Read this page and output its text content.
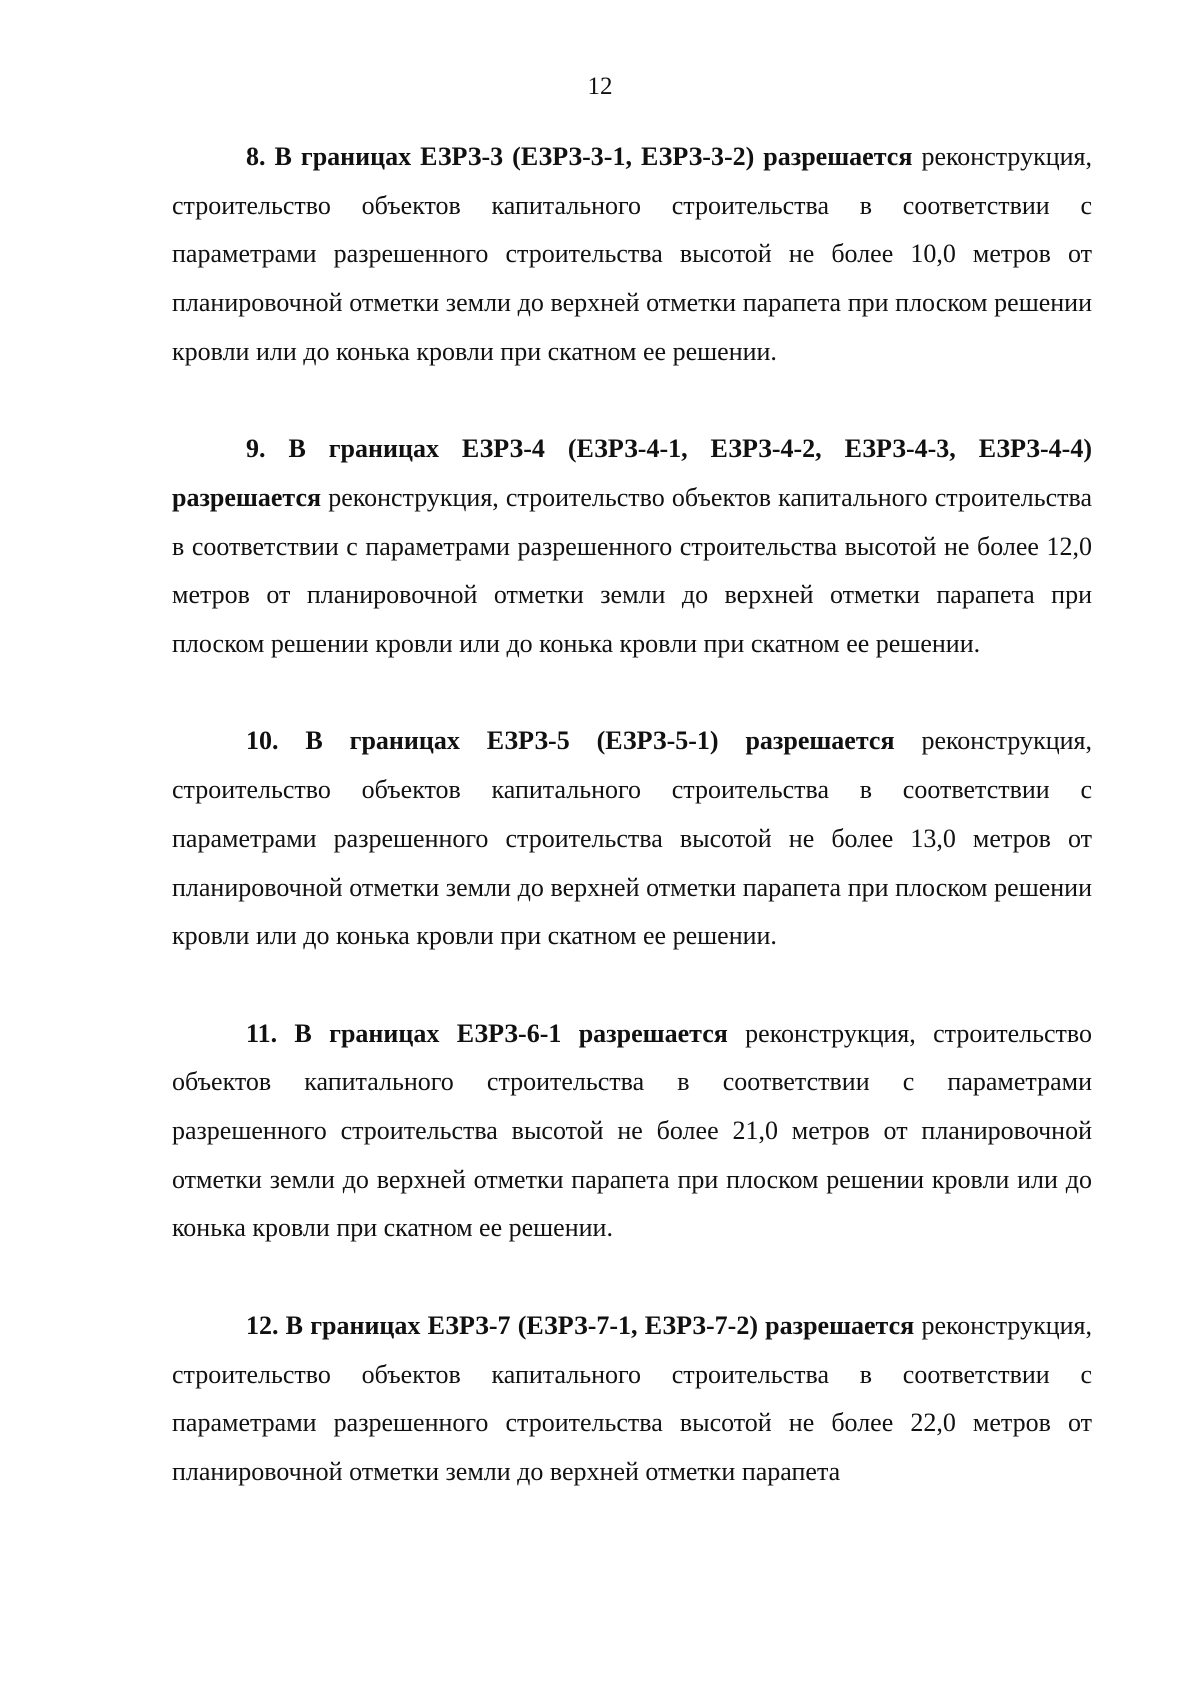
12

8. В границах ЕЗРЗ-3 (ЕЗРЗ-3-1, ЕЗРЗ-3-2) разрешается реконструкция, строительство объектов капитального строительства в соответствии с параметрами разрешенного строительства высотой не более 10,0 метров от планировочной отметки земли до верхней отметки парапета при плоском решении кровли или до конька кровли при скатном ее решении.

9. В границах ЕЗРЗ-4 (ЕЗРЗ-4-1, ЕЗРЗ-4-2, ЕЗРЗ-4-3, ЕЗРЗ-4-4) разрешается реконструкция, строительство объектов капитального строительства в соответствии с параметрами разрешенного строительства высотой не более 12,0 метров от планировочной отметки земли до верхней отметки парапета при плоском решении кровли или до конька кровли при скатном ее решении.

10. В границах ЕЗРЗ-5 (ЕЗРЗ-5-1) разрешается реконструкция, строительство объектов капитального строительства в соответствии с параметрами разрешенного строительства высотой не более 13,0 метров от планировочной отметки земли до верхней отметки парапета при плоском решении кровли или до конька кровли при скатном ее решении.

11. В границах ЕЗРЗ-6-1 разрешается реконструкция, строительство объектов капитального строительства в соответствии с параметрами разрешенного строительства высотой не более 21,0 метров от планировочной отметки земли до верхней отметки парапета при плоском решении кровли или до конька кровли при скатном ее решении.

12. В границах ЕЗРЗ-7 (ЕЗРЗ-7-1, ЕЗРЗ-7-2) разрешается реконструкция, строительство объектов капитального строительства в соответствии с параметрами разрешенного строительства высотой не более 22,0 метров от планировочной отметки земли до верхней отметки парапета
